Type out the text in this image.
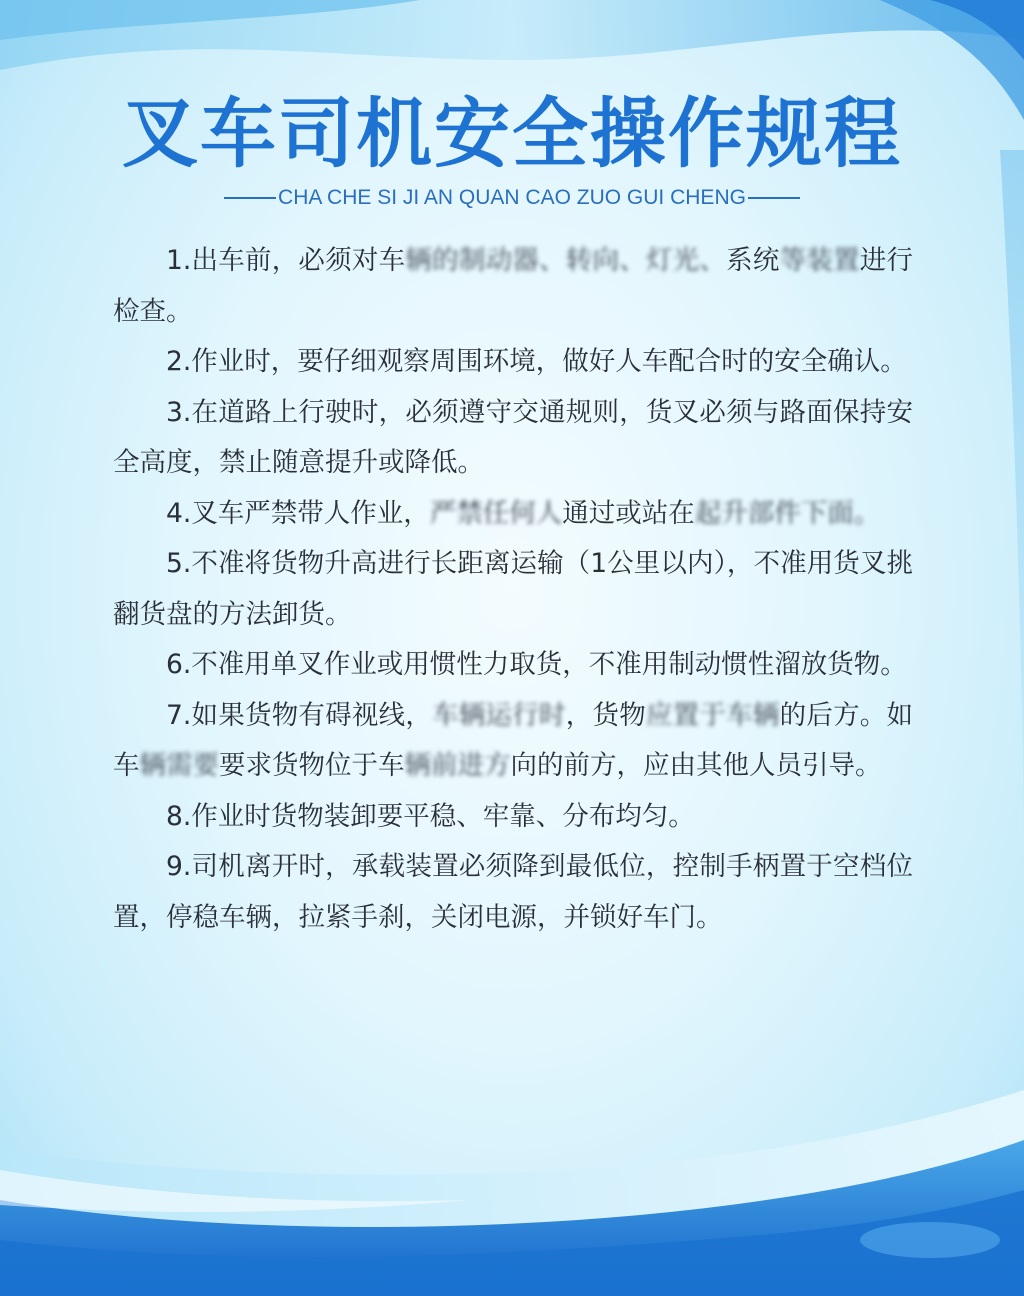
叉车司机安全操作规程
CHA CHE SI JI AN QUAN CAO ZUO GUI CHENG

1.出车前，必须对车辆的制动器、转向、灯光、系统等装置进行检查。

2.作业时，要仔细观察周围环境，做好人车配合时的安全确认。

3.在道路上行驶时，必须遵守交通规则，货叉必须与路面保持安全高度，禁止随意提升或降低。

4.叉车严禁带人作业，严禁任何人通过或站在起升部件下面。

5.不准将货物升高进行长距离运输（1公里以内），不准用货叉挑翻货盘的方法卸货。

6.不准用单叉作业或用惯性力取货，不准用制动惯性溜放货物。

7.如果货物有碍视线，车辆运行时，货物应置于车辆的后方。如车辆需要要求货物位于车辆前进方向的前方，应由其他人员引导。

8.作业时货物装卸要平稳、牢靠、分布均匀。

9.司机离开时，承载装置必须降到最低位，控制手柄置于空档位置，停稳车辆，拉紧手刹，关闭电源，并锁好车门。
